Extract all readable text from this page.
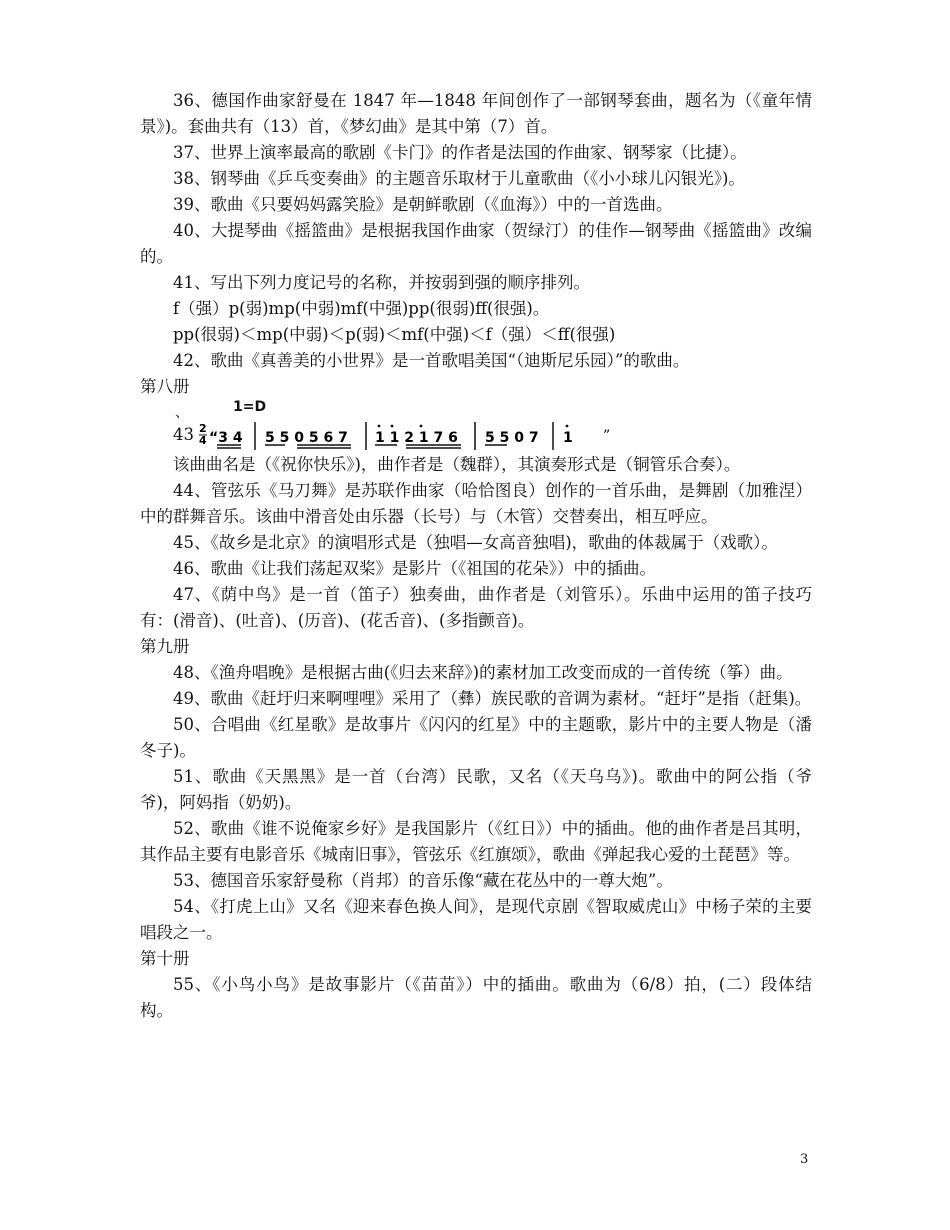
36、德国作曲家舒曼在 1847 年—1848 年间创作了一部钢琴套曲，题名为（《童年情景》)。套曲共有（13）首，《梦幻曲》是其中第（7）首。

37、世界上演率最高的歌剧《卡门》的作者是法国的作曲家、钢琴家（比捷）。

38、钢琴曲《乒乓变奏曲》的主题音乐取材于儿童歌曲（《小小球儿闪银光》)。

39、歌曲《只要妈妈露笑脸》是朝鲜歌剧（《血海》）中的一首选曲。

40、大提琴曲《摇篮曲》是根据我国作曲家（贺绿汀）的佳作—钢琴曲《摇篮曲》改编的。

41、写出下列力度记号的名称，并按弱到强的顺序排列。

f（强）p(弱)mp(中弱)mf(中强)pp(很弱)ff(很强)。

pp(很弱)＜mp(中弱)＜p(弱)＜mf(中强)＜f（强）＜ff(很强)

42、歌曲《真善美的小世界》是一首歌唱美国“（迪斯尼乐园）”的歌曲。

第八册

、
43
1=D
2
4 “3 4 5 5 0 5 6 7 1 1 2 1 7 6 5 5 0 7 1 ”

该曲曲名是（《祝你快乐》)，曲作者是（魏群），其演奏形式是（铜管乐合奏）。

44、管弦乐《马刀舞》是苏联作曲家（哈恰图良）创作的一首乐曲，是舞剧（加雅涅）中的群舞音乐。该曲中滑音处由乐器（长号）与（木管）交替奏出，相互呼应。

45、《故乡是北京》的演唱形式是（独唱—女高音独唱)，歌曲的体裁属于（戏歌）。

46、歌曲《让我们荡起双桨》是影片（《祖国的花朵》）中的插曲。

47、《荫中鸟》是一首（笛子）独奏曲，曲作者是（刘管乐）。乐曲中运用的笛子技巧有：(滑音)、(吐音)、(历音)、(花舌音)、(多指颤音)。

第九册

48、《渔舟唱晚》是根据古曲(《归去来辞》)的素材加工改变而成的一首传统（筝）曲。

49、歌曲《赶圩归来啊哩哩》采用了（彝）族民歌的音调为素材。“赶圩”是指（赶集)。

50、合唱曲《红星歌》是故事片《闪闪的红星》中的主题歌，影片中的主要人物是（潘冬子)。

51、歌曲《天黑黑》是一首（台湾）民歌，又名（《天乌乌》)。歌曲中的阿公指（爷爷)，阿妈指（奶奶)。

52、歌曲《谁不说俺家乡好》是我国影片（《红日》）中的插曲。他的曲作者是吕其明，其作品主要有电影音乐《城南旧事》，管弦乐《红旗颂》，歌曲《弹起我心爱的土琵琶》等。

53、德国音乐家舒曼称（肖邦）的音乐像“藏在花丛中的一尊大炮”。

54、《打虎上山》又名《迎来春色换人间》，是现代京剧《智取威虎山》中杨子荣的主要唱段之一。

第十册

55、《小鸟小鸟》是故事影片（《苗苗》）中的插曲。歌曲为（6/8）拍，(二）段体结构。

3
